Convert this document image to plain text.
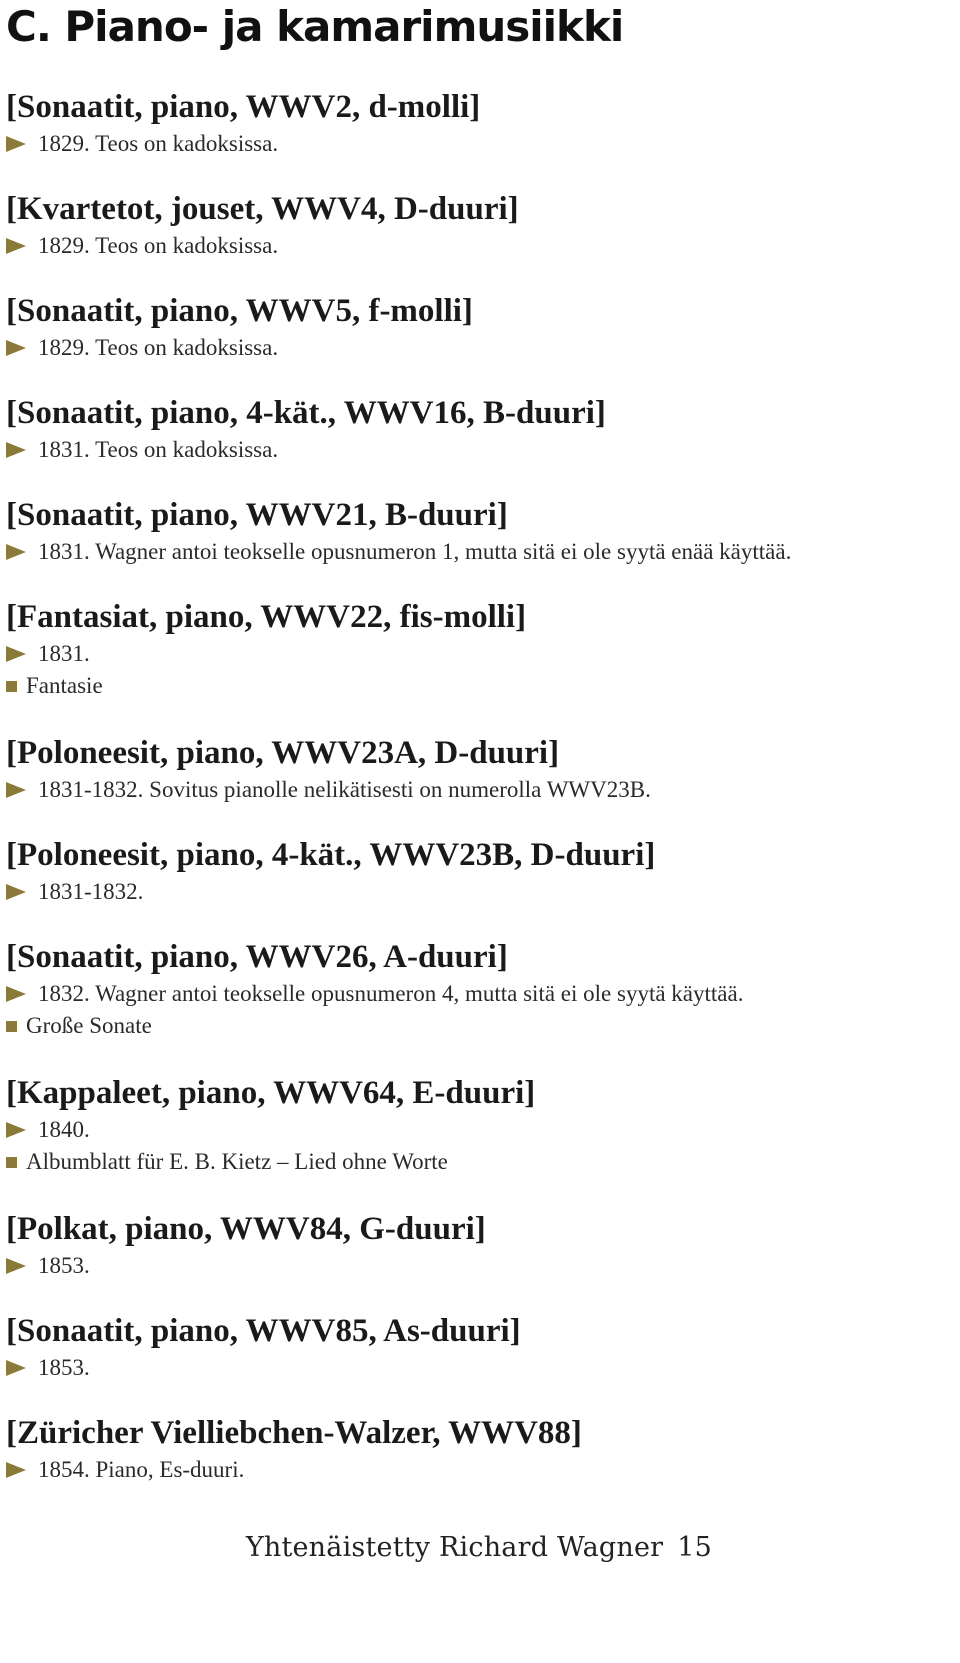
C. Piano- ja kamarimusiikki
[Sonaatit, piano, WWV2, d-molli]
1829. Teos on kadoksissa.
[Kvartetot, jouset, WWV4, D-duuri]
1829. Teos on kadoksissa.
[Sonaatit, piano, WWV5, f-molli]
1829. Teos on kadoksissa.
[Sonaatit, piano, 4-kät., WWV16, B-duuri]
1831. Teos on kadoksissa.
[Sonaatit, piano, WWV21, B-duuri]
1831. Wagner antoi teokselle opusnumeron 1, mutta sitä ei ole syytä enää käyttää.
[Fantasiat, piano, WWV22, fis-molli]
1831.
Fantasie
[Poloneesit, piano, WWV23A, D-duuri]
1831-1832. Sovitus pianolle nelikätisesti on numerolla WWV23B.
[Poloneesit, piano, 4-kät., WWV23B, D-duuri]
1831-1832.
[Sonaatit, piano, WWV26, A-duuri]
1832. Wagner antoi teokselle opusnumeron 4, mutta sitä ei ole syytä käyttää.
Große Sonate
[Kappaleet, piano, WWV64, E-duuri]
1840.
Albumblatt für E. B. Kietz – Lied ohne Worte
[Polkat, piano, WWV84, G-duuri]
1853.
[Sonaatit, piano, WWV85, As-duuri]
1853.
[Züricher Vielliebchen-Walzer, WWV88]
1854. Piano, Es-duuri.
Yhtenäistetty Richard Wagner 15
